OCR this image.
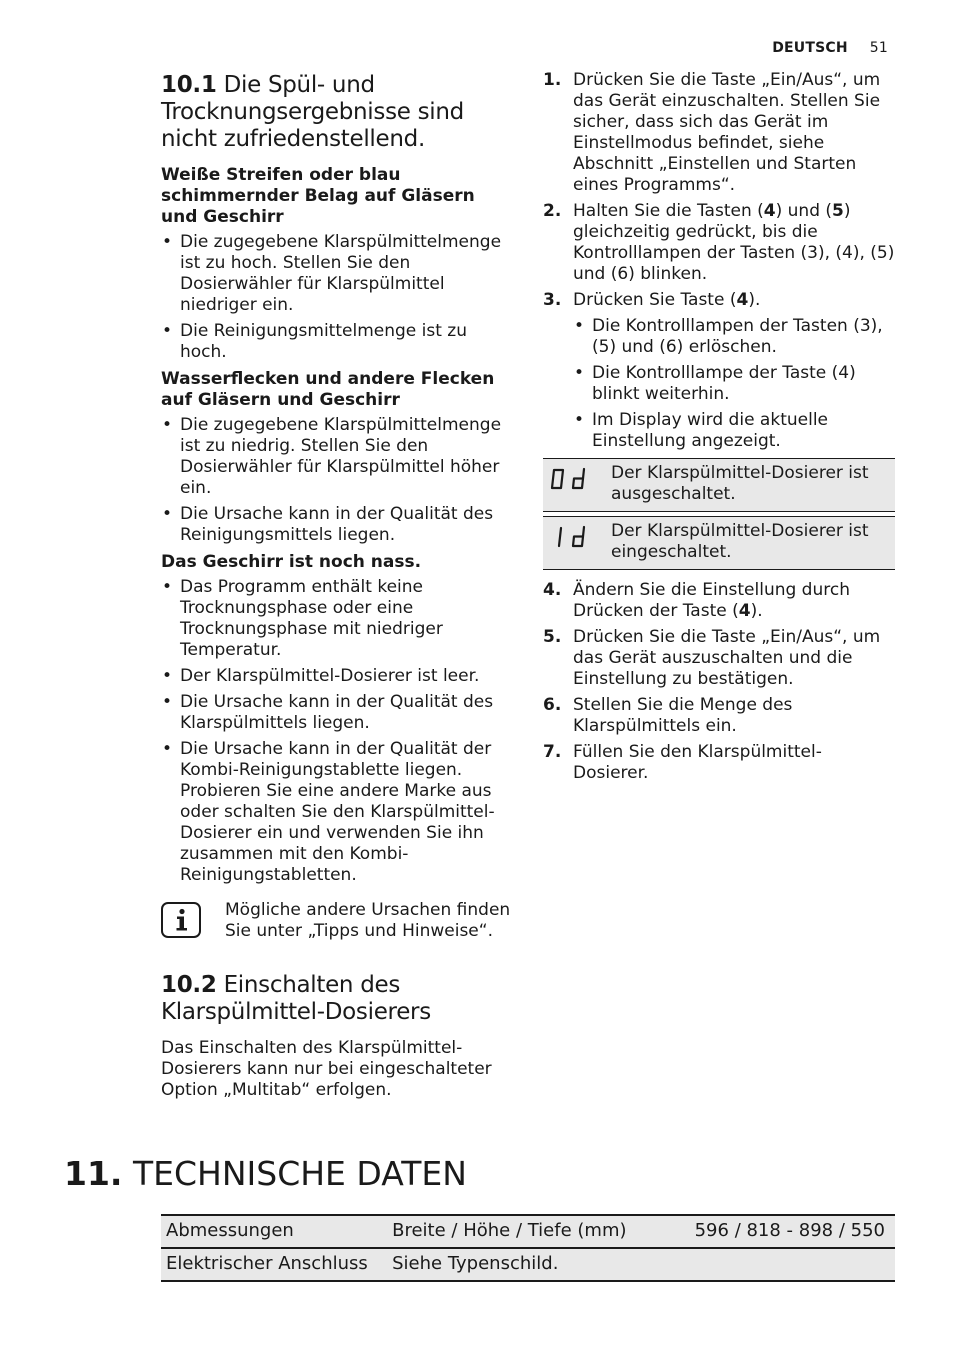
DEUTSCH 51
10.1 Die Spül- und Trocknungsergebnisse sind nicht zufriedenstellend.
Weiße Streifen oder blau schimmernder Belag auf Gläsern und Geschirr
• Die zugegebene Klarspülmittelmenge ist zu hoch. Stellen Sie den Dosierwähler für Klarspülmittel niedriger ein.
• Die Reinigungsmittelmenge ist zu hoch.
Wasserflecken und andere Flecken auf Gläsern und Geschirr
• Die zugegebene Klarspülmittelmenge ist zu niedrig. Stellen Sie den Dosierwähler für Klarspülmittel höher ein.
• Die Ursache kann in der Qualität des Reinigungsmittels liegen.
Das Geschirr ist noch nass.
• Das Programm enthält keine Trocknungsphase oder eine Trocknungsphase mit niedriger Temperatur.
• Der Klarspülmittel-Dosierer ist leer.
• Die Ursache kann in der Qualität des Klarspülmittels liegen.
• Die Ursache kann in der Qualität der Kombi-Reinigungstablette liegen. Probieren Sie eine andere Marke aus oder schalten Sie den Klarspülmittel-Dosierer ein und verwenden Sie ihn zusammen mit den Kombi-Reinigungstabletten.
Mögliche andere Ursachen finden Sie unter „Tipps und Hinweise“.
10.2 Einschalten des Klarspülmittel-Dosierers
Das Einschalten des Klarspülmittel-Dosierers kann nur bei eingeschalteter Option „Multitab“ erfolgen.
1. Drücken Sie die Taste „Ein/Aus“, um das Gerät einzuschalten. Stellen Sie sicher, dass sich das Gerät im Einstellmodus befindet, siehe Abschnitt „Einstellen und Starten eines Programms“.
2. Halten Sie die Tasten (4) und (5) gleichzeitig gedrückt, bis die Kontrolllampen der Tasten (3), (4), (5) und (6) blinken.
3. Drücken Sie Taste (4).
• Die Kontrolllampen der Tasten (3), (5) und (6) erlöschen.
• Die Kontrolllampe der Taste (4) blinkt weiterhin.
• Im Display wird die aktuelle Einstellung angezeigt.
	Der Klarspülmittel-Dosierer ist ausgeschaltet.

	Der Klarspülmittel-Dosierer ist eingeschaltet.
4. Ändern Sie die Einstellung durch Drücken der Taste (4).
5. Drücken Sie die Taste „Ein/Aus“, um das Gerät auszuschalten und die Einstellung zu bestätigen.
6. Stellen Sie die Menge des Klarspülmittels ein.
7. Füllen Sie den Klarspülmittel-Dosierer.
11. TECHNISCHE DATEN
Abmessungen	Breite / Höhe / Tiefe (mm)	596 / 818 - 898 / 550
Elektrischer Anschluss	Siehe Typenschild.	
